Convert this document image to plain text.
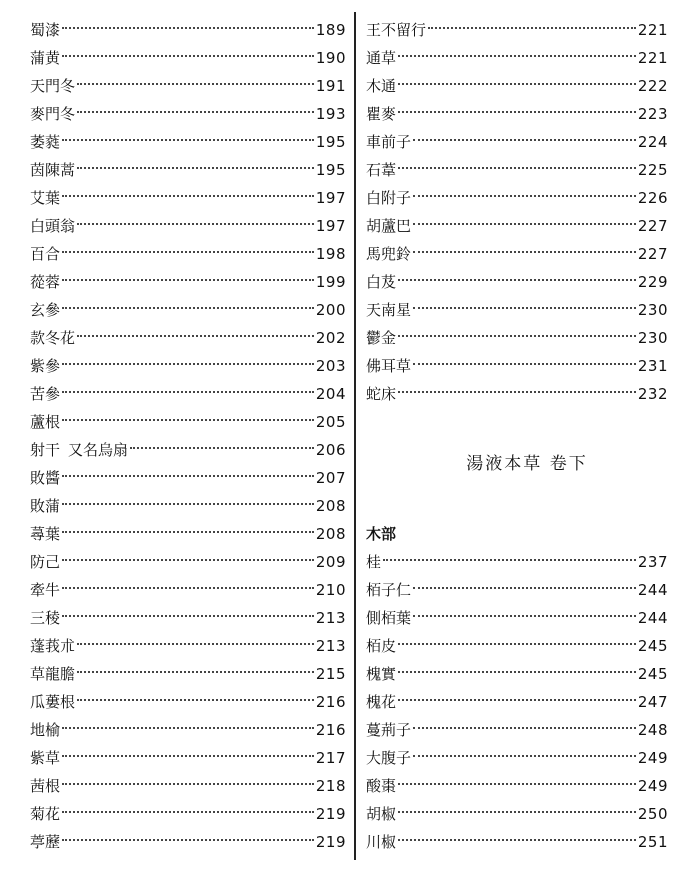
蜀漆	189
蒲黄	190
天門冬	191
麥門冬	193
萎蕤	195
茵陳蒿	195
艾葉	197
白頭翁	197
百合	198
蓯蓉	199
玄參	200
款冬花	202
紫參	203
苦參	204
蘆根	205
射干 又名烏扇	206
敗醬	207
敗蒲	208
蕁葉	208
防己	209
牽牛	210
三稜	213
蓬莪朮	213
草龍膽	215
瓜蔞根	216
地榆	216
紫草	217
茜根	218
菊花	219
葶藶	219
王不留行	221
通草	221
木通	222
瞿麥	223
車前子	224
石葦	225
白附子	226
胡蘆巴	227
馬兜鈴	227
白芨	229
天南星	230
鬱金	230
佛耳草	231
蛇床	232
湯液本草 卷下
木部
桂	237
栢子仁	244
側栢葉	244
栢皮	245
槐實	245
槐花	247
蔓荊子	248
大腹子	249
酸棗	249
胡椒	250
川椒	251
